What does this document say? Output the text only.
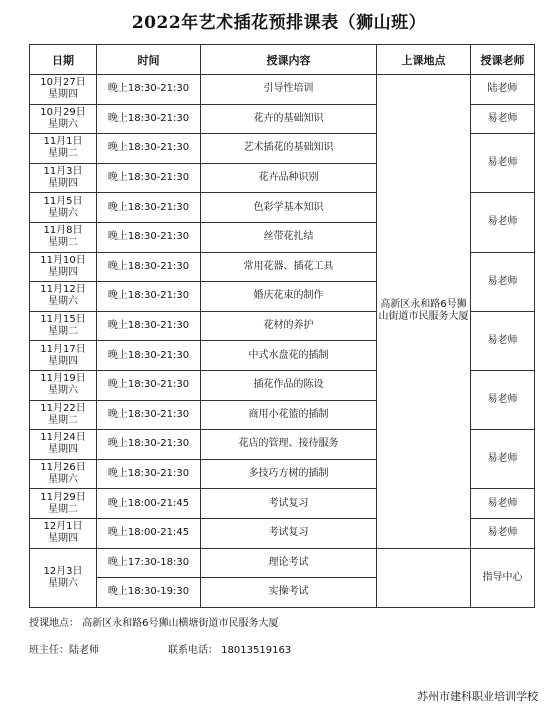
2022年艺术插花预排课表（狮山班）
日期	时间	授课内容	上课地点	授课老师

10月27日
星期四	晚上18:30-21:30	引导性培训	高新区永和路6号狮山街道市民服务大厦	陆老师

10月29日
星期六	晚上18:30-21:30	花卉的基础知识		易老师

11月1日
星期二	晚上18:30-21:30	艺术插花的基础知识		易老师

11月3日
星期四	晚上18:30-21:30	花卉品种识别		

11月5日
星期六	晚上18:30-21:30	色彩学基本知识		易老师

11月8日
星期二	晚上18:30-21:30	丝带花扎结		

11月10日
星期四	晚上18:30-21:30	常用花器、插花工具		易老师

11月12日
星期六	晚上18:30-21:30	婚庆花束的制作		

11月15日
星期二	晚上18:30-21:30	花材的养护		易老师

11月17日
星期四	晚上18:30-21:30	中式水盘花的插制		

11月19日
星期六	晚上18:30-21:30	插花作品的陈设		易老师

11月22日
星期二	晚上18:30-21:30	商用小花篮的插制		

11月24日
星期四	晚上18:30-21:30	花店的管理、接待服务		易老师

11月26日
星期六	晚上18:30-21:30	多技巧方树的插制		

11月29日
星期二	晚上18:00-21:45	考试复习		易老师

12月1日
星期四	晚上18:00-21:45	考试复习		易老师

12月3日
星期六	晚上17:30-18:30	理论考试		指导中心
	晚上18:30-19:30	实操考试		
授课地点： 高新区永和路6号狮山横塘街道市民服务大厦
班主任：陆老师	联系电话： 18013519163
苏州市建科职业培训学校
